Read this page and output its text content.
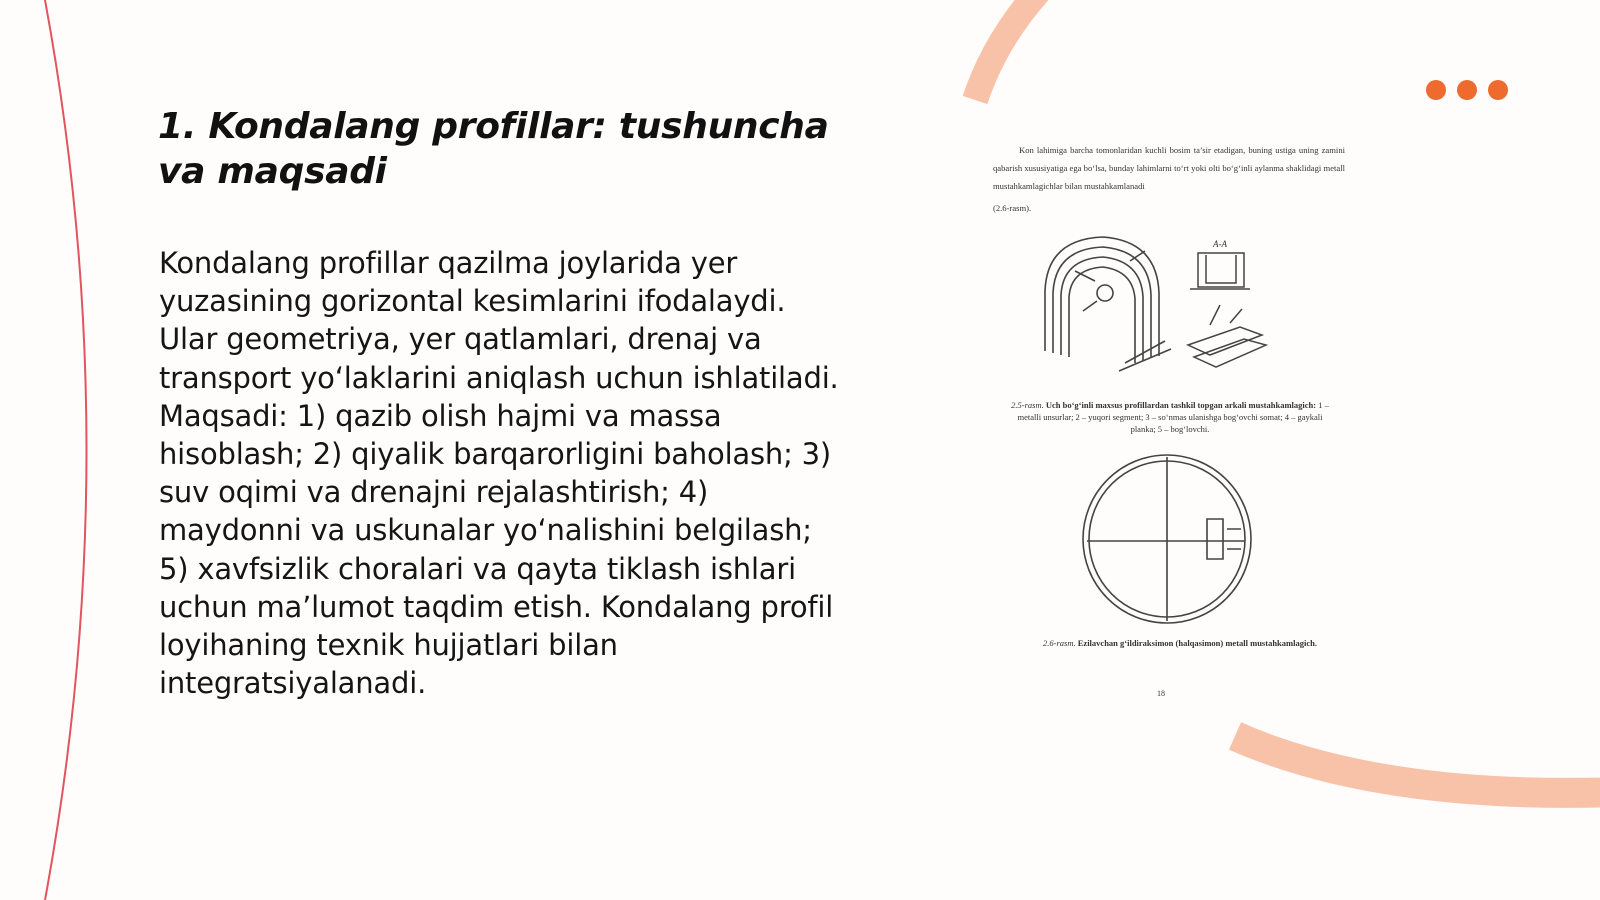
1. Kondalang profillar: tushuncha va maqsadi

Kondalang profillar qazilma joylarida yer yuzasining gorizontal kesimlarini ifodalaydi. Ular geometriya, yer qatlamlari, drenaj va transport yo‘laklarini aniqlash uchun ishlatiladi. Maqsadi: 1) qazib olish hajmi va massa hisoblash; 2) qiyalik barqarorligini baholash; 3) suv oqimi va drenajni rejalashtirish; 4) maydonni va uskunalar yo‘nalishini belgilash; 5) xavfsizlik choralari va qayta tiklash ishlari uchun ma’lumot taqdim etish. Kondalang profil loyihaning texnik hujjatlari bilan integratsiyalanadi.

Kon lahimiga barcha tomonlaridan kuchli bosim ta’sir etadigan, buning ustiga uning zamini qabarish xususiyatiga ega bo‘lsa, bunday lahimlarni to‘rt yoki olti bo‘g‘inli aylanma shaklidagi metall mustahkamlagichlar bilan mustahkamlanadi

(2.6-rasm).

A-A

2.5-rasm. Uch bo‘g‘inli maxsus profillardan tashkil topgan arkali mustahkamlagich: 1 – metalli unsurlar; 2 – yuqori segment; 3 – so‘nmas ulanishga bog‘ovchi somat; 4 – gaykali planka; 5 – bog‘lovchi.

2.6-rasm. Ezilavchan g‘ildiraksimon (halqasimon) metall mustahkamlagich.

18
